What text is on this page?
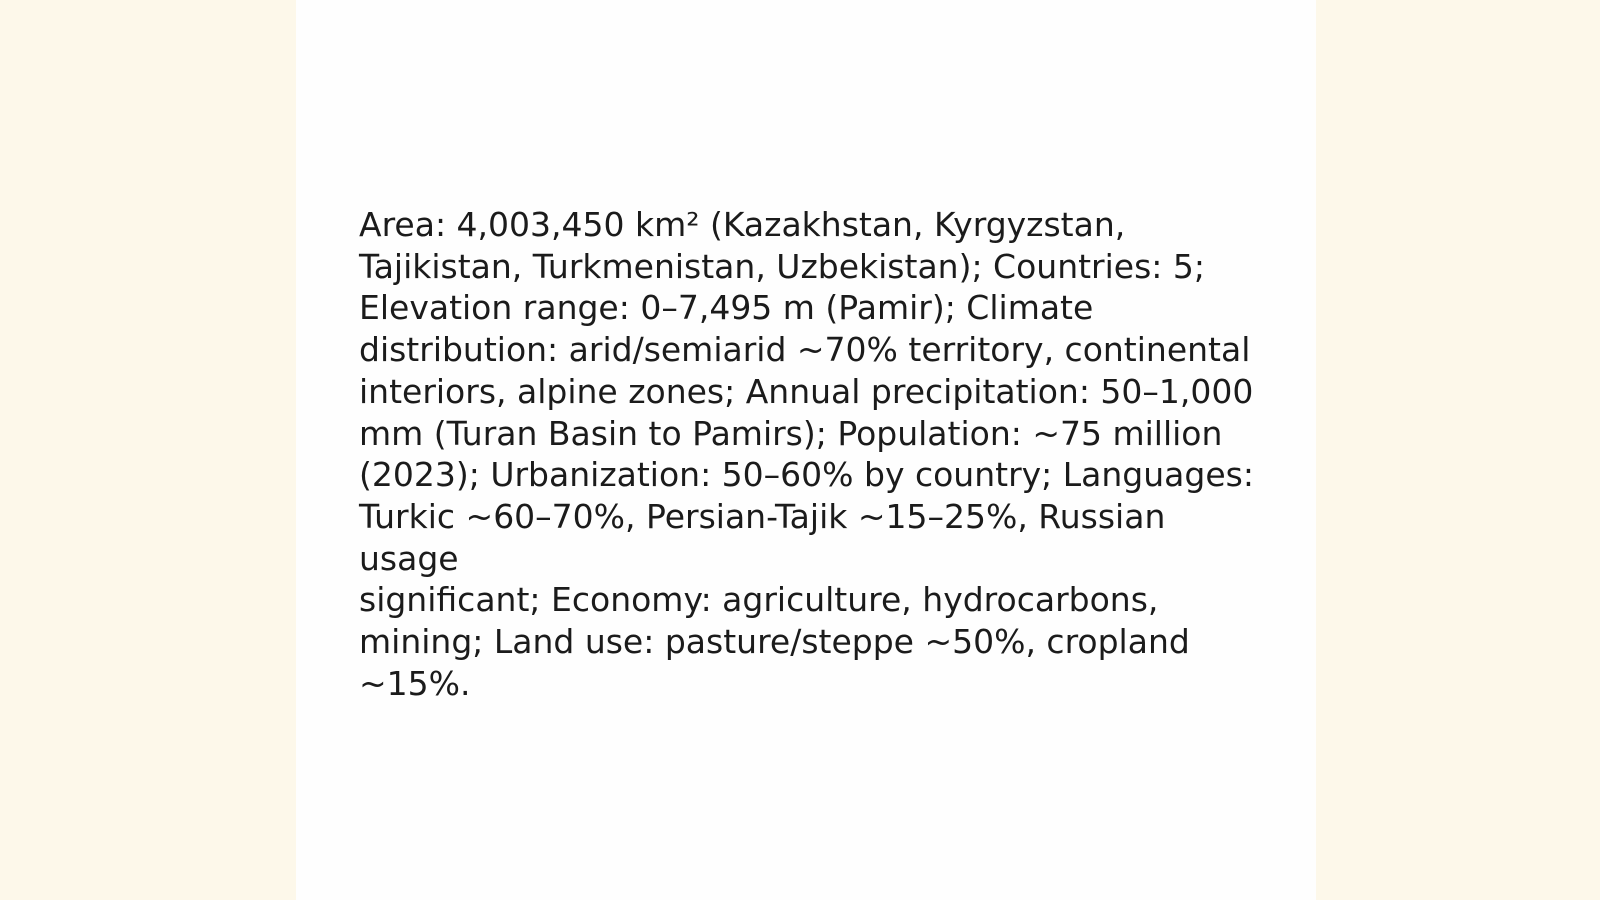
Area: 4,003,450 km² (Kazakhstan, Kyrgyzstan,
Tajikistan, Turkmenistan, Uzbekistan); Countries: 5;
Elevation range: 0–7,495 m (Pamir); Climate
distribution: arid/semiarid ~70% territory, continental
interiors, alpine zones; Annual precipitation: 50–1,000
mm (Turan Basin to Pamirs); Population: ~75 million
(2023); Urbanization: 50–60% by country; Languages:
Turkic ~60–70%, Persian-Tajik ~15–25%, Russian usage
significant; Economy: agriculture, hydrocarbons,
mining; Land use: pasture/steppe ~50%, cropland
~15%.
